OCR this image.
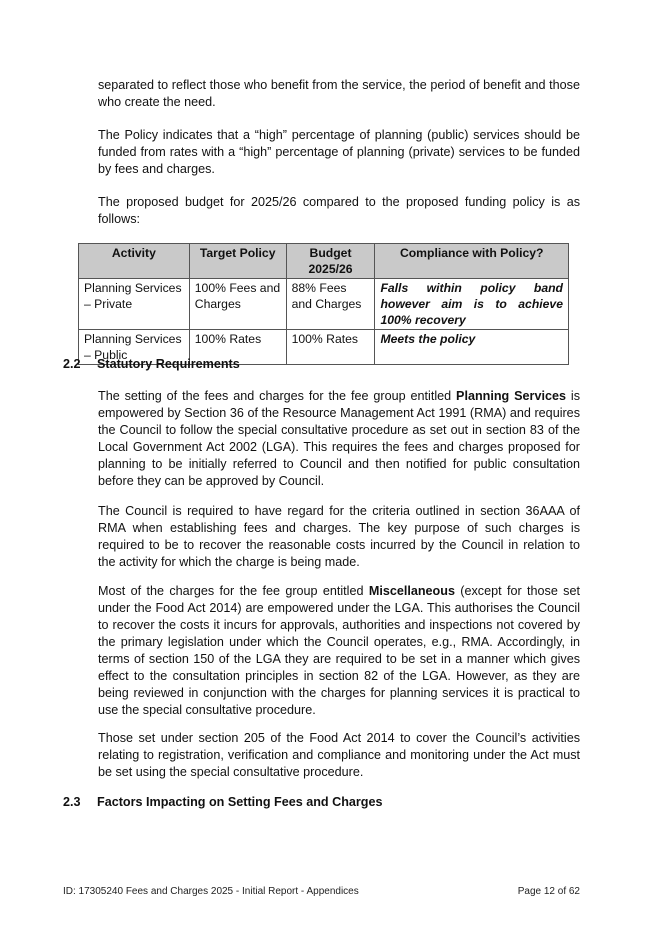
separated to reflect those who benefit from the service, the period of benefit and those who create the need.

The Policy indicates that a “high” percentage of planning (public) services should be funded from rates with a “high” percentage of planning (private) services to be funded by fees and charges.

The proposed budget for 2025/26 compared to the proposed funding policy is as follows:

Activity	Target Policy	Budget 2025/26	Compliance with Policy?
Planning Services – Private	100% Fees and Charges	88% Fees and Charges	Falls within policy band however aim is to achieve 100% recovery
Planning Services – Public	100% Rates	100% Rates	Meets the policy
2.2 Statutory Requirements

The setting of the fees and charges for the fee group entitled Planning Services is empowered by Section 36 of the Resource Management Act 1991 (RMA) and requires the Council to follow the special consultative procedure as set out in section 83 of the Local Government Act 2002 (LGA). This requires the fees and charges proposed for planning to be initially referred to Council and then notified for public consultation before they can be approved by Council.

The Council is required to have regard for the criteria outlined in section 36AAA of RMA when establishing fees and charges. The key purpose of such charges is required to be to recover the reasonable costs incurred by the Council in relation to the activity for which the charge is being made.

Most of the charges for the fee group entitled Miscellaneous (except for those set under the Food Act 2014) are empowered under the LGA. This authorises the Council to recover the costs it incurs for approvals, authorities and inspections not covered by the primary legislation under which the Council operates, e.g., RMA. Accordingly, in terms of section 150 of the LGA they are required to be set in a manner which gives effect to the consultation principles in section 82 of the LGA. However, as they are being reviewed in conjunction with the charges for planning services it is practical to use the special consultative procedure.

Those set under section 205 of the Food Act 2014 to cover the Council’s activities relating to registration, verification and compliance and monitoring under the Act must be set using the special consultative procedure.

2.3 Factors Impacting on Setting Fees and Charges
ID: 17305240 Fees and Charges 2025 - Initial Report - Appendices	Page 12 of 62
